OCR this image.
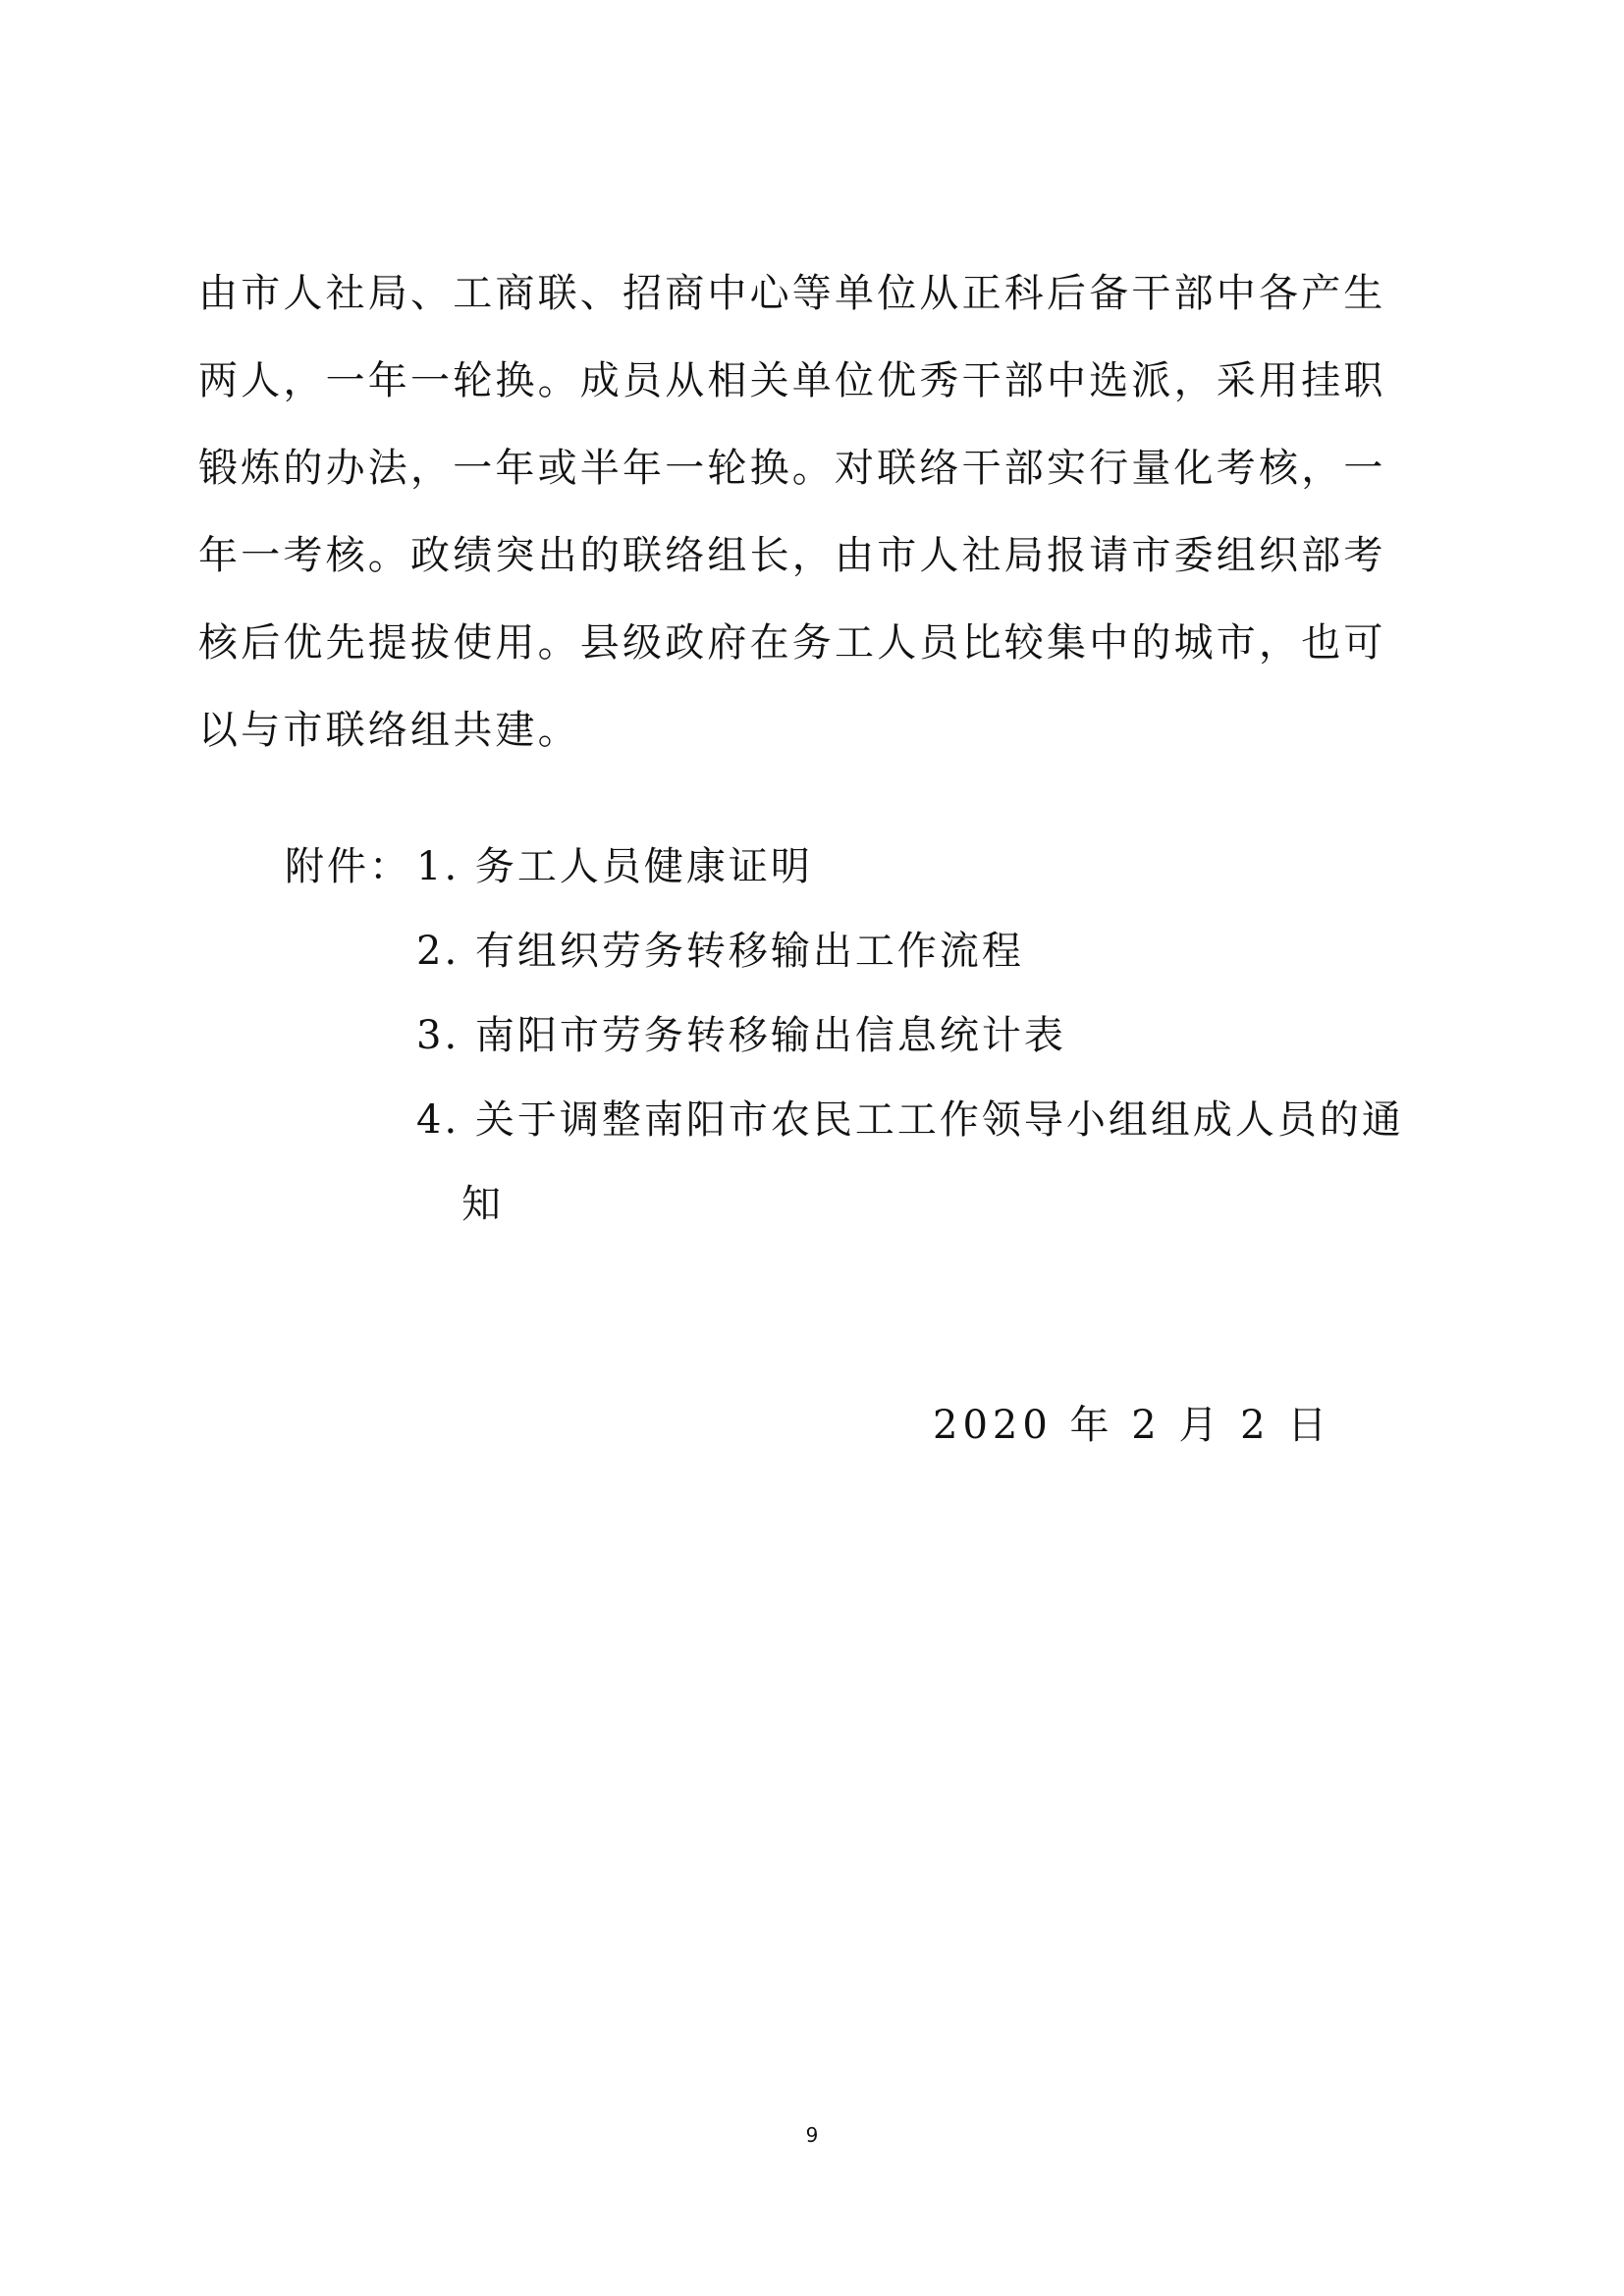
由市人社局、工商联、招商中心等单位从正科后备干部中各产生
两人，一年一轮换。成员从相关单位优秀干部中选派，采用挂职
锻炼的办法，一年或半年一轮换。对联络干部实行量化考核，一
年一考核。政绩突出的联络组长，由市人社局报请市委组织部考
核后优先提拔使用。县级政府在务工人员比较集中的城市，也可
以与市联络组共建。
附件： 1. 务工人员健康证明
2. 有组织劳务转移输出工作流程
3. 南阳市劳务转移输出信息统计表
4. 关于调整南阳市农民工工作领导小组组成人员的通
知
2020 年 2 月 2 日
9
